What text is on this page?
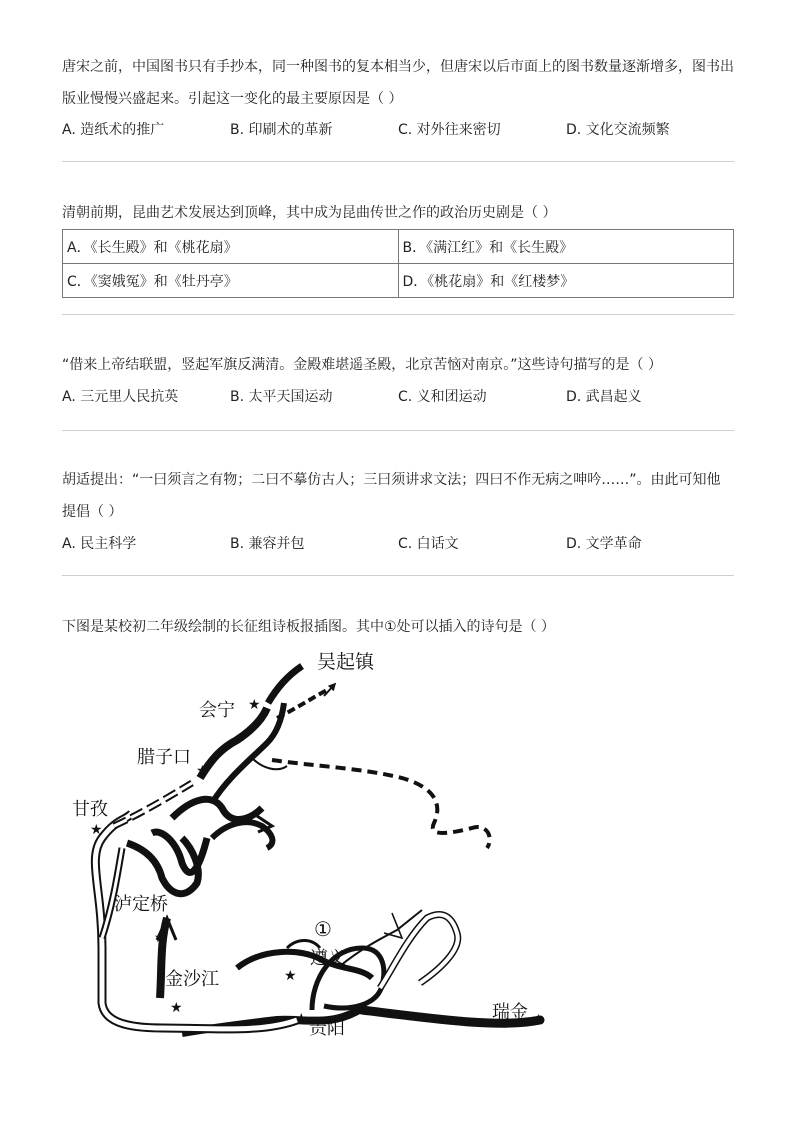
唐宋之前，中国图书只有手抄本，同一种图书的复本相当少，但唐宋以后市面上的图书数量逐渐增多，图书出
版业慢慢兴盛起来。引起这一变化的最主要原因是（ ）
A. 造纸术的推广	B. 印刷术的革新	C. 对外往来密切	D. 文化交流频繁
清朝前期，昆曲艺术发展达到顶峰，其中成为昆曲传世之作的政治历史剧是（ ）
A．《长生殿》和《桃花扇》	B．《满江红》和《长生殿》
C．《窦娥冤》和《牡丹亭》	D．《桃花扇》和《红楼梦》
“借来上帝结联盟，竖起军旗反满清。金殿难堪遥圣殿，北京苦恼对南京。”这些诗句描写的是（ ）
A. 三元里人民抗英	B. 太平天国运动	C. 义和团运动	D. 武昌起义
胡适提出：“一曰须言之有物；二曰不摹仿古人；三曰须讲求文法；四曰不作无病之呻吟……”。由此可知他
提倡（ ）
A. 民主科学	B. 兼容并包	C. 白话文	D. 文学革命
下图是某校初二年级绘制的长征组诗板报插图。其中①处可以插入的诗句是（ ）
★
★
★
★
★
★
★	★
吴起镇
会宁
腊子口
甘孜
泸定桥
金沙江
遵义
贵阳
瑞金
①
